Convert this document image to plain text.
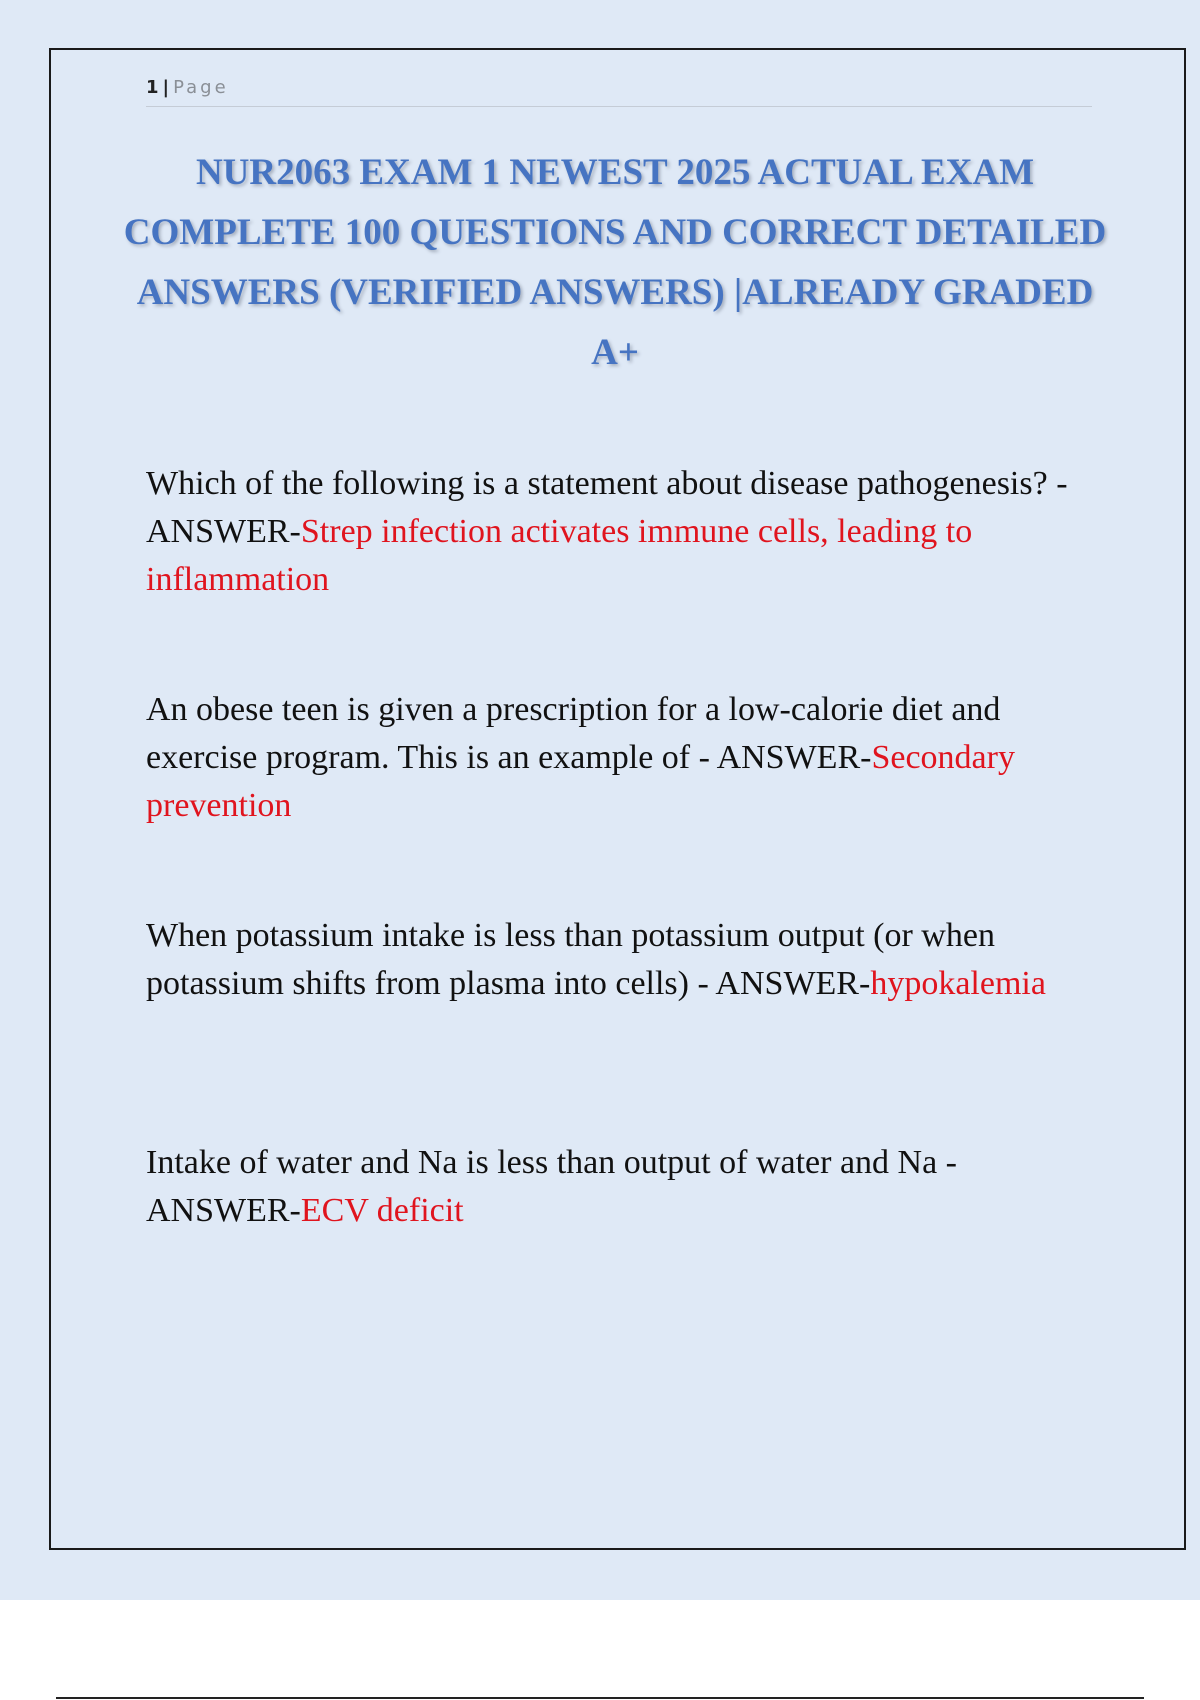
1 | Page
NUR2063 EXAM 1 NEWEST 2025 ACTUAL EXAM COMPLETE 100 QUESTIONS AND CORRECT DETAILED ANSWERS (VERIFIED ANSWERS) |ALREADY GRADED A+

Which of the following is a statement about disease pathogenesis? - ANSWER-Strep infection activates immune cells, leading to inflammation

An obese teen is given a prescription for a low-calorie diet and exercise program. This is an example of - ANSWER-Secondary prevention

When potassium intake is less than potassium output (or when potassium shifts from plasma into cells) - ANSWER-hypokalemia

Intake of water and Na is less than output of water and Na - ANSWER-ECV deficit
